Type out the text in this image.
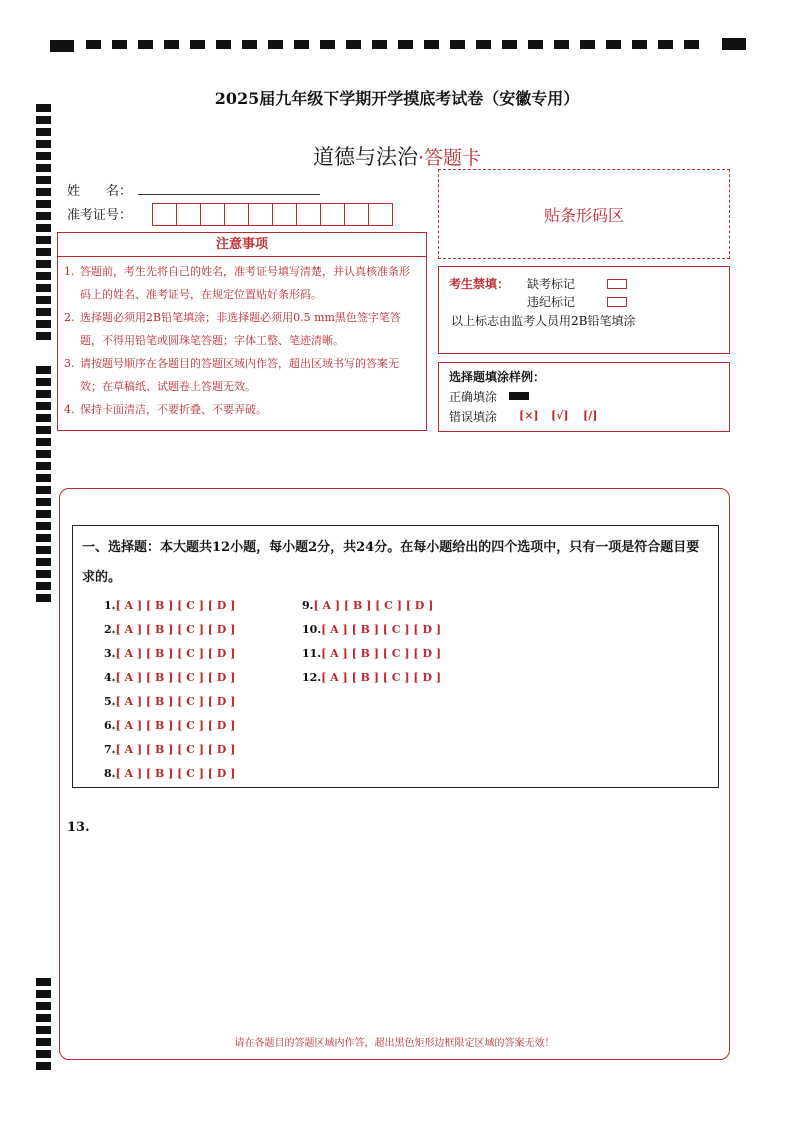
2025届九年级下学期开学摸底考试卷（安徽专用）
道德与法治·答题卡
姓　　名：
准考证号：	贴条形码区
注意事项
1. 答题前，考生先将自己的姓名，准考证号填写清楚，并认真核准条形码上的姓名、准考证号，在规定位置贴好条形码。
2. 选择题必须用2B铅笔填涂；非选择题必须用0.5 mm黑色签字笔答题，不得用铅笔或圆珠笔答题；字体工整、笔迹清晰。
3. 请按题号顺序在各题目的答题区域内作答，超出区域书写的答案无效；在草稿纸、试题卷上答题无效。
4. 保持卡面清洁，不要折叠、不要弄破。
考生禁填： 缺考标记
违纪标记
以上标志由监考人员用2B铅笔填涂
选择题填涂样例：
正确填涂
错误填涂 [×] [√] [/]
一、选择题：本大题共12小题，每小题2分，共24分。在每小题给出的四个选项中，只有一项是符合题目要求的。
1.[ A ] [ B ] [ C ] [ D ]
2.[ A ] [ B ] [ C ] [ D ]
3.[ A ] [ B ] [ C ] [ D ]
4.[ A ] [ B ] [ C ] [ D ]
5.[ A ] [ B ] [ C ] [ D ]
6.[ A ] [ B ] [ C ] [ D ]
7.[ A ] [ B ] [ C ] [ D ]
8.[ A ] [ B ] [ C ] [ D ]
9.[ A ] [ B ] [ C ] [ D ]
10.[ A ] [ B ] [ C ] [ D ]
11.[ A ] [ B ] [ C ] [ D ]
12.[ A ] [ B ] [ C ] [ D ]
13.
请在各题目的答题区域内作答，超出黑色矩形边框限定区域的答案无效！
